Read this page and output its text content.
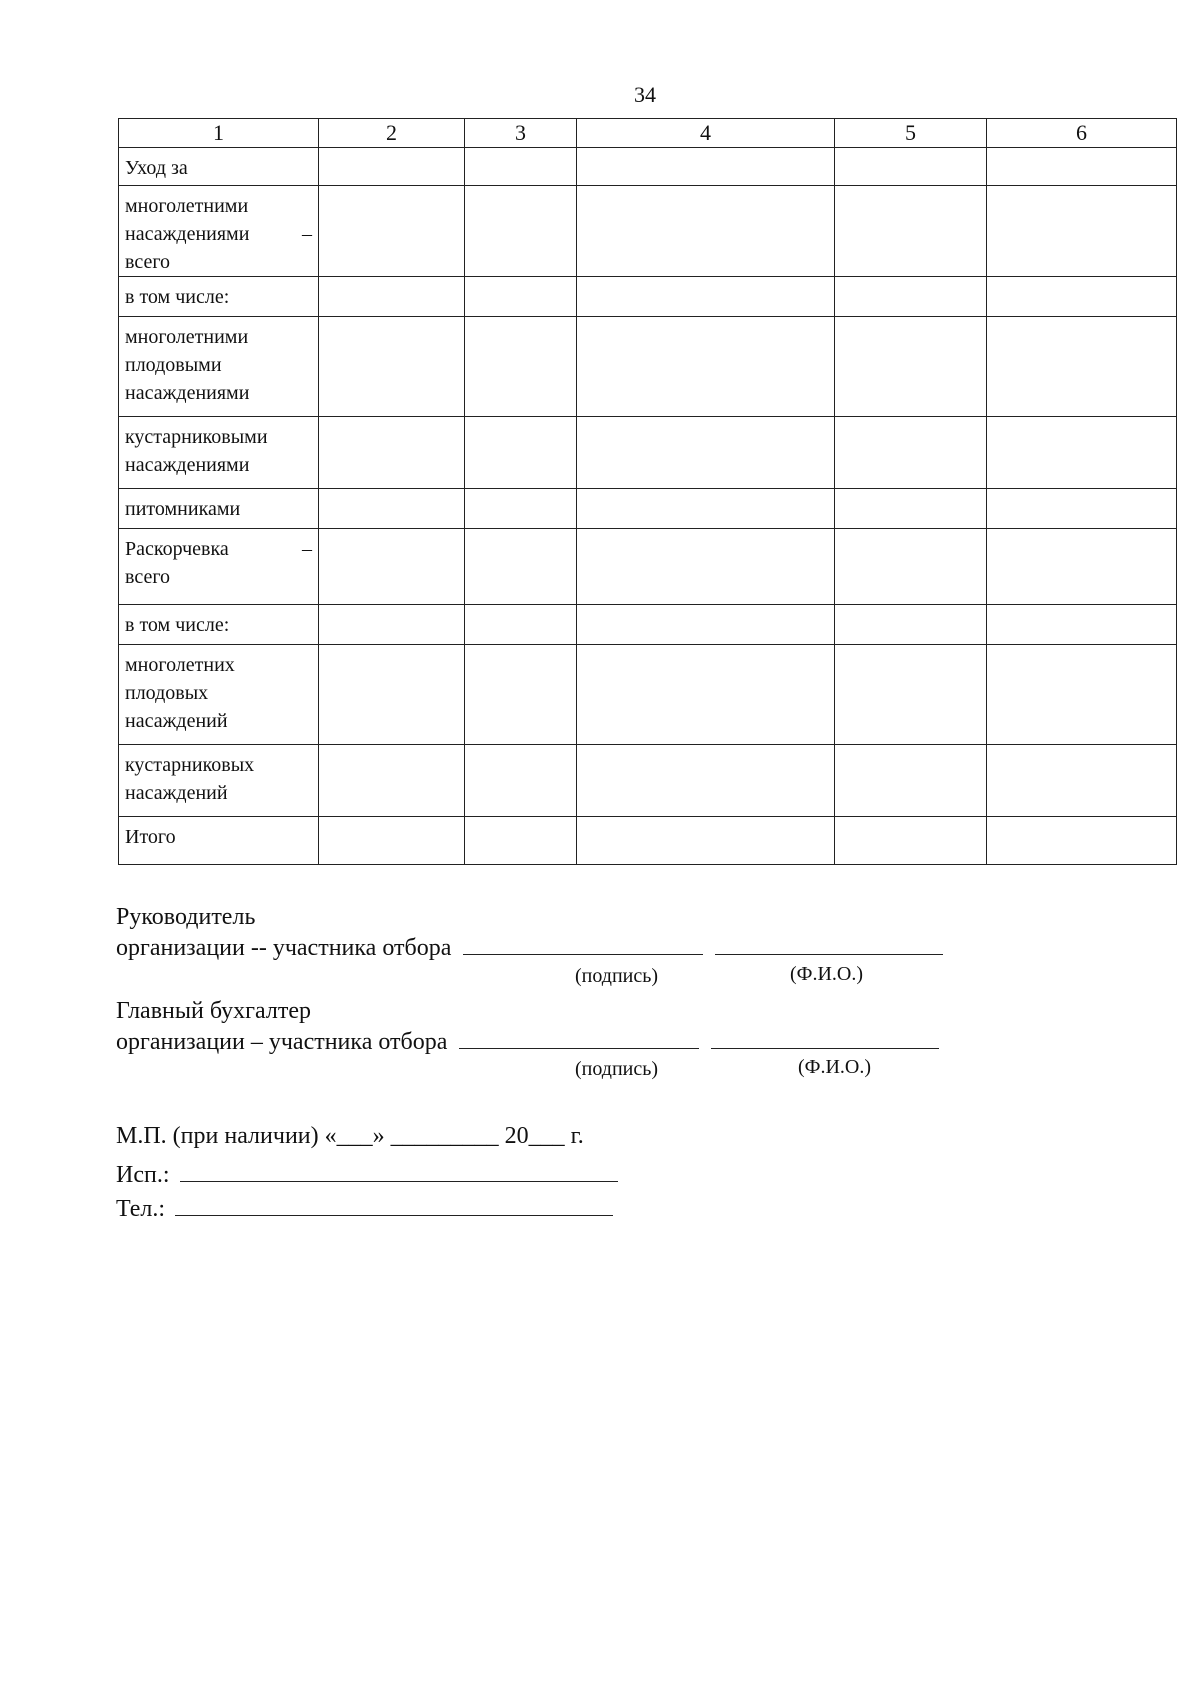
34
1	2	3	4	5	6
Уход за					

многолетними
насаждениями –
всего					

в том числе:					

многолетними
плодовыми
насаждениями					

кустарниковыми
насаждениями					

питомниками					

Раскорчевка –
всего					

в том числе:					

многолетних
плодовых
насаждений					

кустарниковых
насаждений					

Итого					
Руководитель
организации -- участника отбора
(подпись)	(Ф.И.О.)
Главный бухгалтер
организации – участника отбора
(подпись)	(Ф.И.О.)
М.П. (при наличии) «___» _________ 20___ г.
Исп.:
Тел.:
